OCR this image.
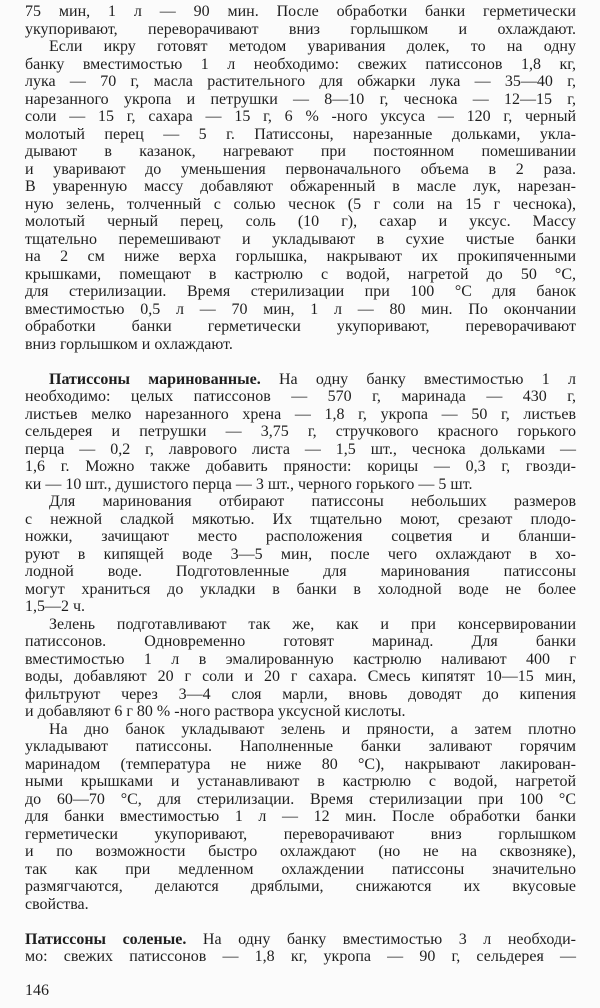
75 мин, 1 л — 90 мин. После обработки банки герметически
укупоривают, переворачивают вниз горлышком и охлаждают.
Если икру готовят методом уваривания долек, то на одну
банку вместимостью 1 л необходимо: свежих патиссонов 1,8 кг,
лука — 70 г, масла растительного для обжарки лука — 35—40 г,
нарезанного укропа и петрушки — 8—10 г, чеснока — 12—15 г,
соли — 15 г, сахара — 15 г, 6 % -ного уксуса — 120 г, черный
молотый перец — 5 г. Патиссоны, нарезанные дольками, укла-
дывают в казанок, нагревают при постоянном помешивании
и уваривают до уменьшения первоначального объема в 2 раза.
В уваренную массу добавляют обжаренный в масле лук, нарезан-
ную зелень, толченный с солью чеснок (5 г соли на 15 г чеснока),
молотый черный перец, соль (10 г), сахар и уксус. Массу
тщательно перемешивают и укладывают в сухие чистые банки
на 2 см ниже верха горлышка, накрывают их прокипяченными
крышками, помещают в кастрюлю с водой, нагретой до 50 °С,
для стерилизации. Время стерилизации при 100 °С для банок
вместимостью 0,5 л — 70 мин, 1 л — 80 мин. По окончании
обработки банки герметически укупоривают, переворачивают
вниз горлышком и охлаждают.
Патиссоны маринованные. На одну банку вместимостью 1 л
необходимо: целых патиссонов — 570 г, маринада — 430 г,
листьев мелко нарезанного хрена — 1,8 г, укропа — 50 г, листьев
сельдерея и петрушки — 3,75 г, стручкового красного горького
перца — 0,2 г, лаврового листа — 1,5 шт., чеснока дольками —
1,6 г. Можно также добавить пряности: корицы — 0,3 г, гвозди-
ки — 10 шт., душистого перца — 3 шт., черного горького — 5 шт.
Для маринования отбирают патиссоны небольших размеров
с нежной сладкой мякотью. Их тщательно моют, срезают плодо-
ножки, зачищают место расположения соцветия и бланши-
руют в кипящей воде 3—5 мин, после чего охлаждают в хо-
лодной воде. Подготовленные для маринования патиссоны
могут храниться до укладки в банки в холодной воде не более
1,5—2 ч.
Зелень подготавливают так же, как и при консервировании
патиссонов. Одновременно готовят маринад. Для банки
вместимостью 1 л в эмалированную кастрюлю наливают 400 г
воды, добавляют 20 г соли и 20 г сахара. Смесь кипятят 10—15 мин,
фильтруют через 3—4 слоя марли, вновь доводят до кипения
и добавляют 6 г 80 % -ного раствора уксусной кислоты.
На дно банок укладывают зелень и пряности, а затем плотно
укладывают патиссоны. Наполненные банки заливают горячим
маринадом (температура не ниже 80 °С), накрывают лакирован-
ными крышками и устанавливают в кастрюлю с водой, нагретой
до 60—70 °С, для стерилизации. Время стерилизации при 100 °С
для банки вместимостью 1 л — 12 мин. После обработки банки
герметически укупоривают, переворачивают вниз горлышком
и по возможности быстро охлаждают (но не на сквозняке),
так как при медленном охлаждении патиссоны значительно
размягчаются, делаются дряблыми, снижаются их вкусовые
свойства.
Патиссоны соленые. На одну банку вместимостью 3 л необходи-
мо: свежих патиссонов — 1,8 кг, укропа — 90 г, сельдерея —
146
